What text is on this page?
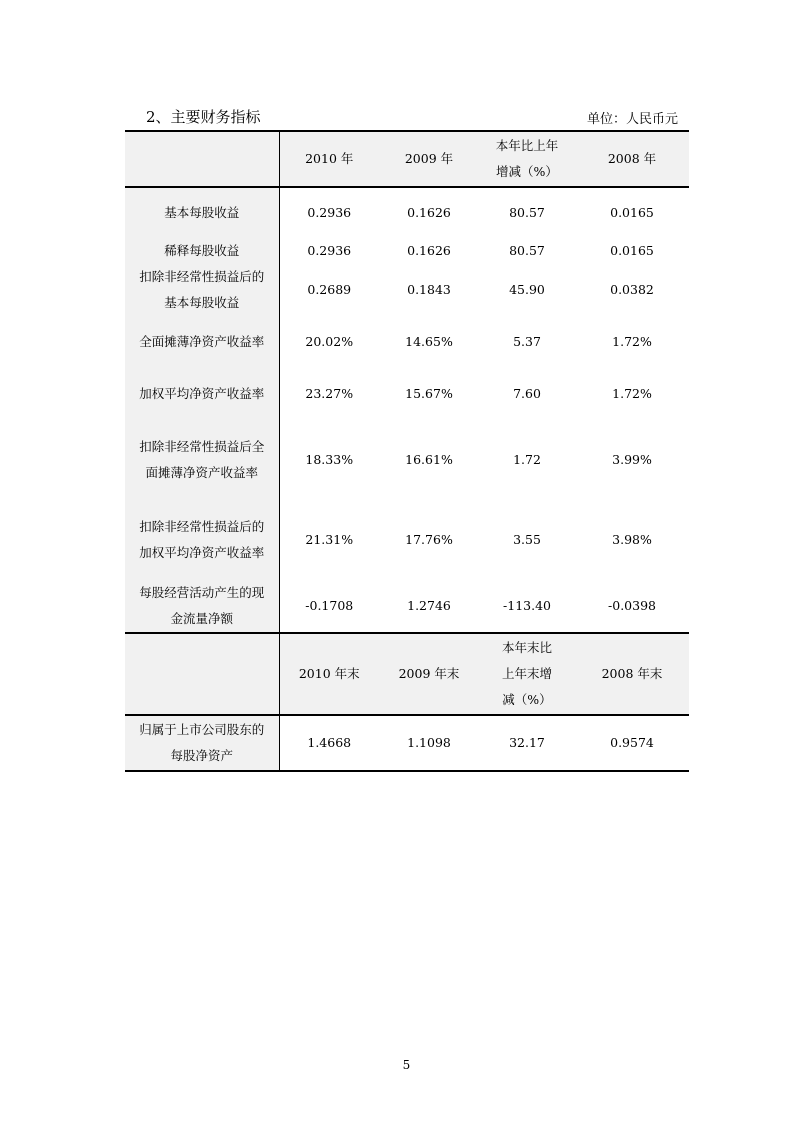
2、主要财务指标	单位：人民币元
	2010 年	2009 年	本年比上年增减（%）	2008 年
基本每股收益	0.2936	0.1626	80.57	0.0165
稀释每股收益	0.2936	0.1626	80.57	0.0165

扣除非经常性损益后的基本每股收益	0.2689	0.1843	45.90	0.0382

全面摊薄净资产收益率	20.02%	14.65%	5.37	1.72%

加权平均净资产收益率	23.27%	15.67%	7.60	1.72%

扣除非经常性损益后全面摊薄净资产收益率	18.33%	16.61%	1.72	3.99%

扣除非经常性损益后的加权平均净资产收益率	21.31%	17.76%	3.55	3.98%

每股经营活动产生的现金流量净额	-0.1708	1.2746	-113.40	-0.0398
	2010 年末	2009 年末	本年末比上年末增减（%）	2008 年末

归属于上市公司股东的每股净资产	1.4668	1.1098	32.17	0.9574
5
